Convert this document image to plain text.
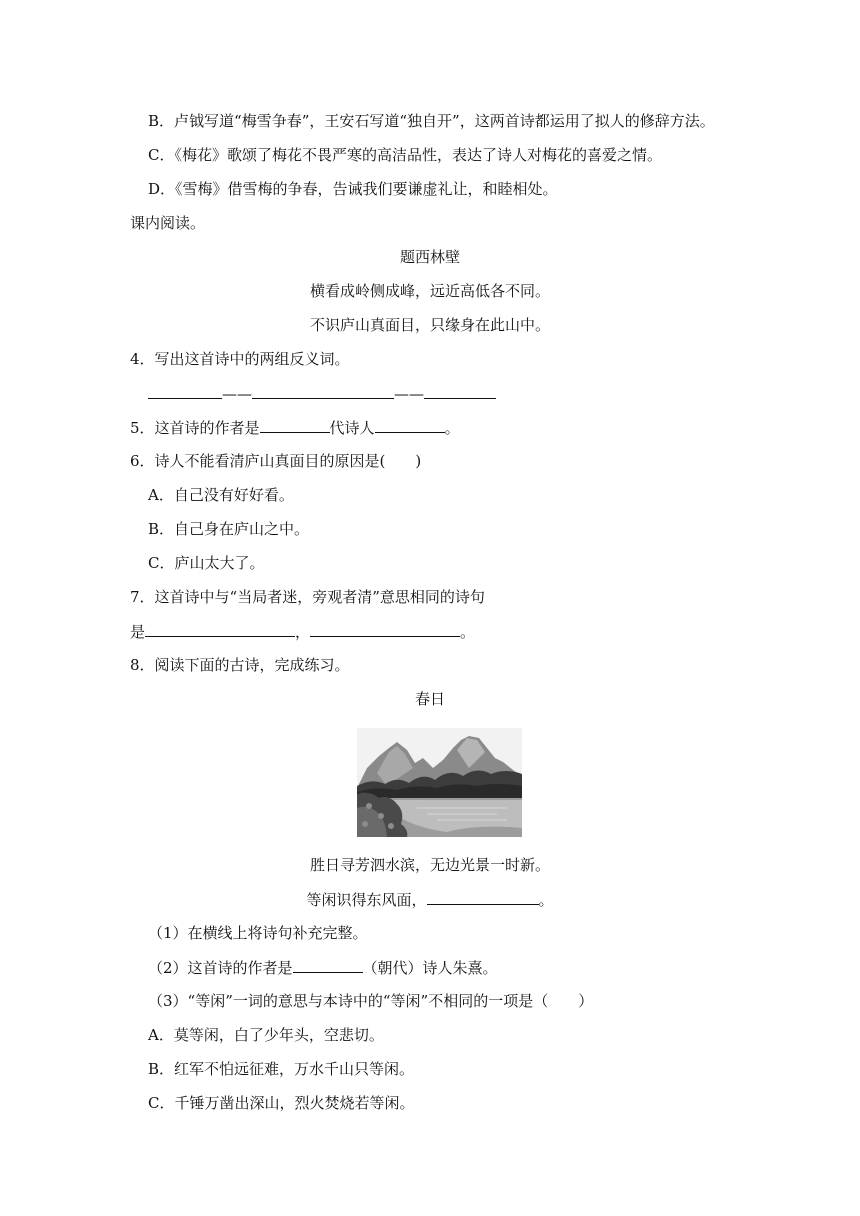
B．卢钺写道“梅雪争春”，王安石写道“独自开”，这两首诗都运用了拟人的修辞方法。
C．《梅花》歌颂了梅花不畏严寒的高洁品性，表达了诗人对梅花的喜爱之情。
D．《雪梅》借雪梅的争春，告诫我们要谦虚礼让，和睦相处。
课内阅读。
题西林壁
横看成岭侧成峰，远近高低各不同。
不识庐山真面目，只缘身在此山中。
4．写出这首诗中的两组反义词。
——	——
5．这首诗的作者是	代诗人	。
6．诗人不能看清庐山真面目的原因是(　　)
A．自己没有好好看。
B．自己身在庐山之中。
C．庐山太大了。
7．这首诗中与“当局者迷，旁观者清”意思相同的诗句
是	，	。
8．阅读下面的古诗，完成练习。
春日
胜日寻芳泗水滨，无边光景一时新。
等闲识得东风面，	。
（1）在横线上将诗句补充完整。
（2）这首诗的作者是	（朝代）诗人朱熹。
（3）“等闲”一词的意思与本诗中的“等闲”不相同的一项是（　　）
A．莫等闲，白了少年头，空悲切。
B．红军不怕远征难，万水千山只等闲。
C．千锤万凿出深山，烈火焚烧若等闲。
